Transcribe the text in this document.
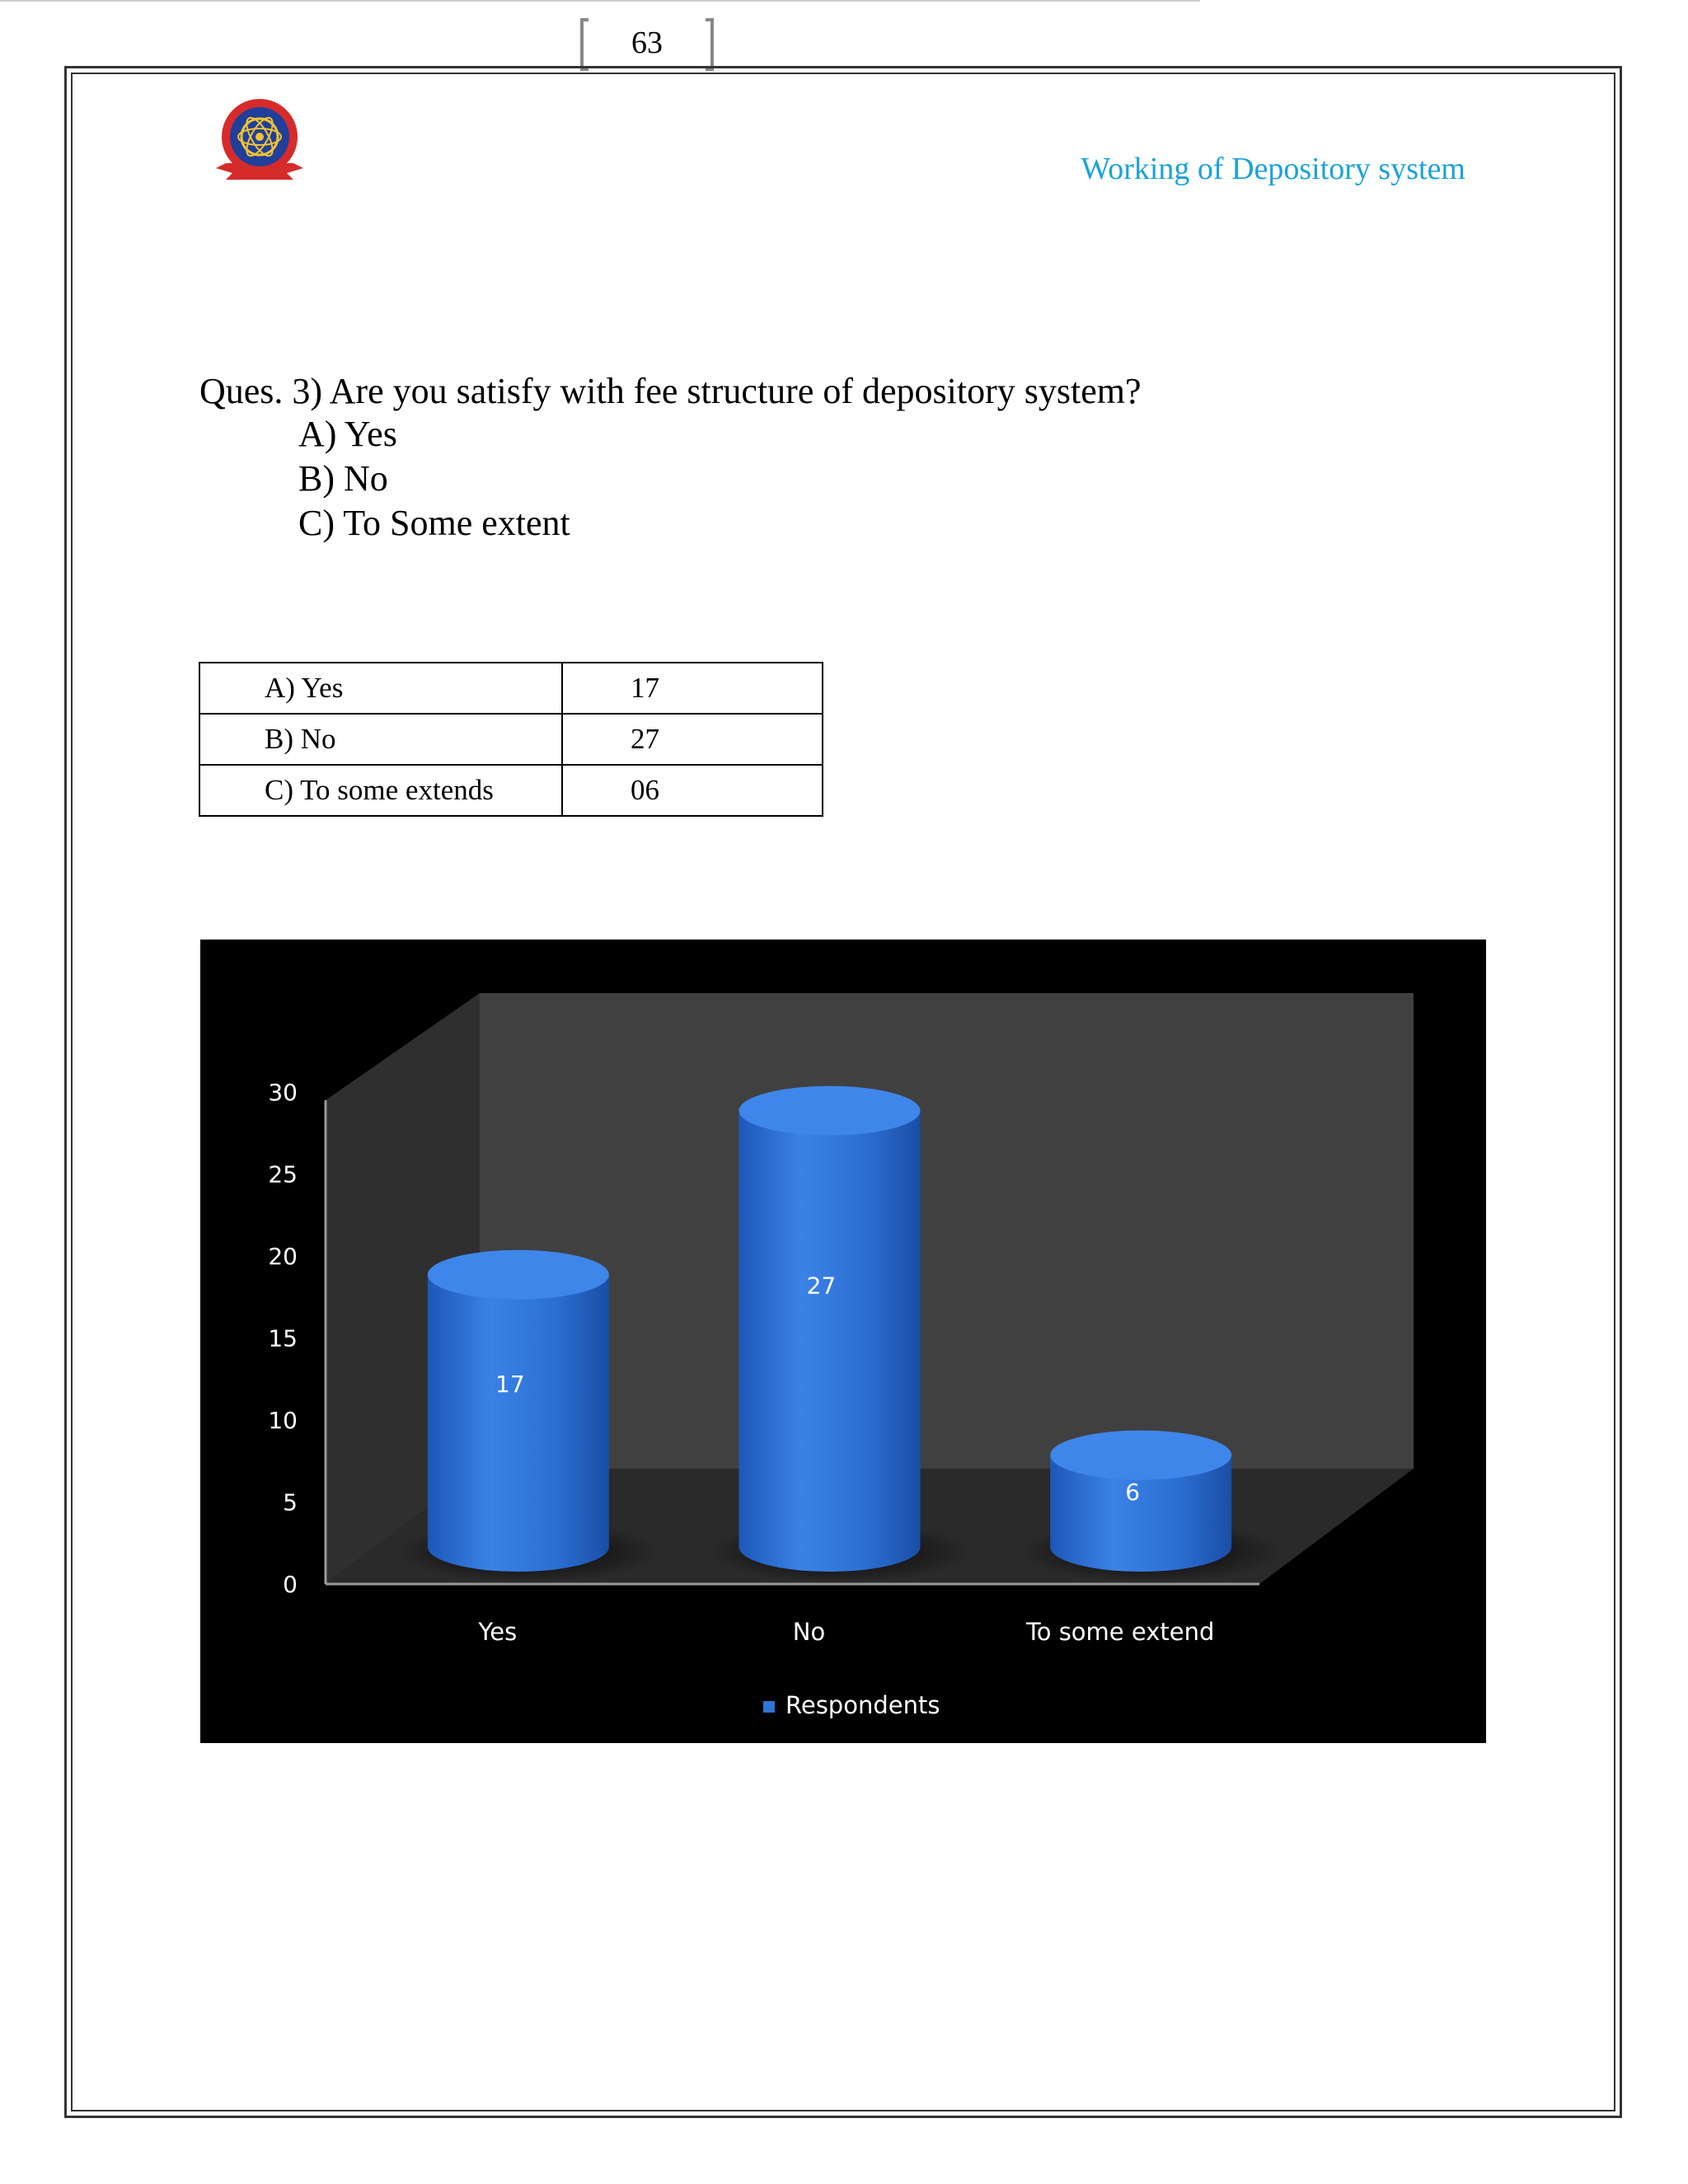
63
Working of Depository system
Ques. 3) Are you satisfy with fee structure of depository system?
A) Yes
B) No
C) To Some extent
A) Yes	17
B) No	27
C) To some extends	06
0
5
10
15
20
25
30
17
Yes
27
No
6
To some extend
Respondents
